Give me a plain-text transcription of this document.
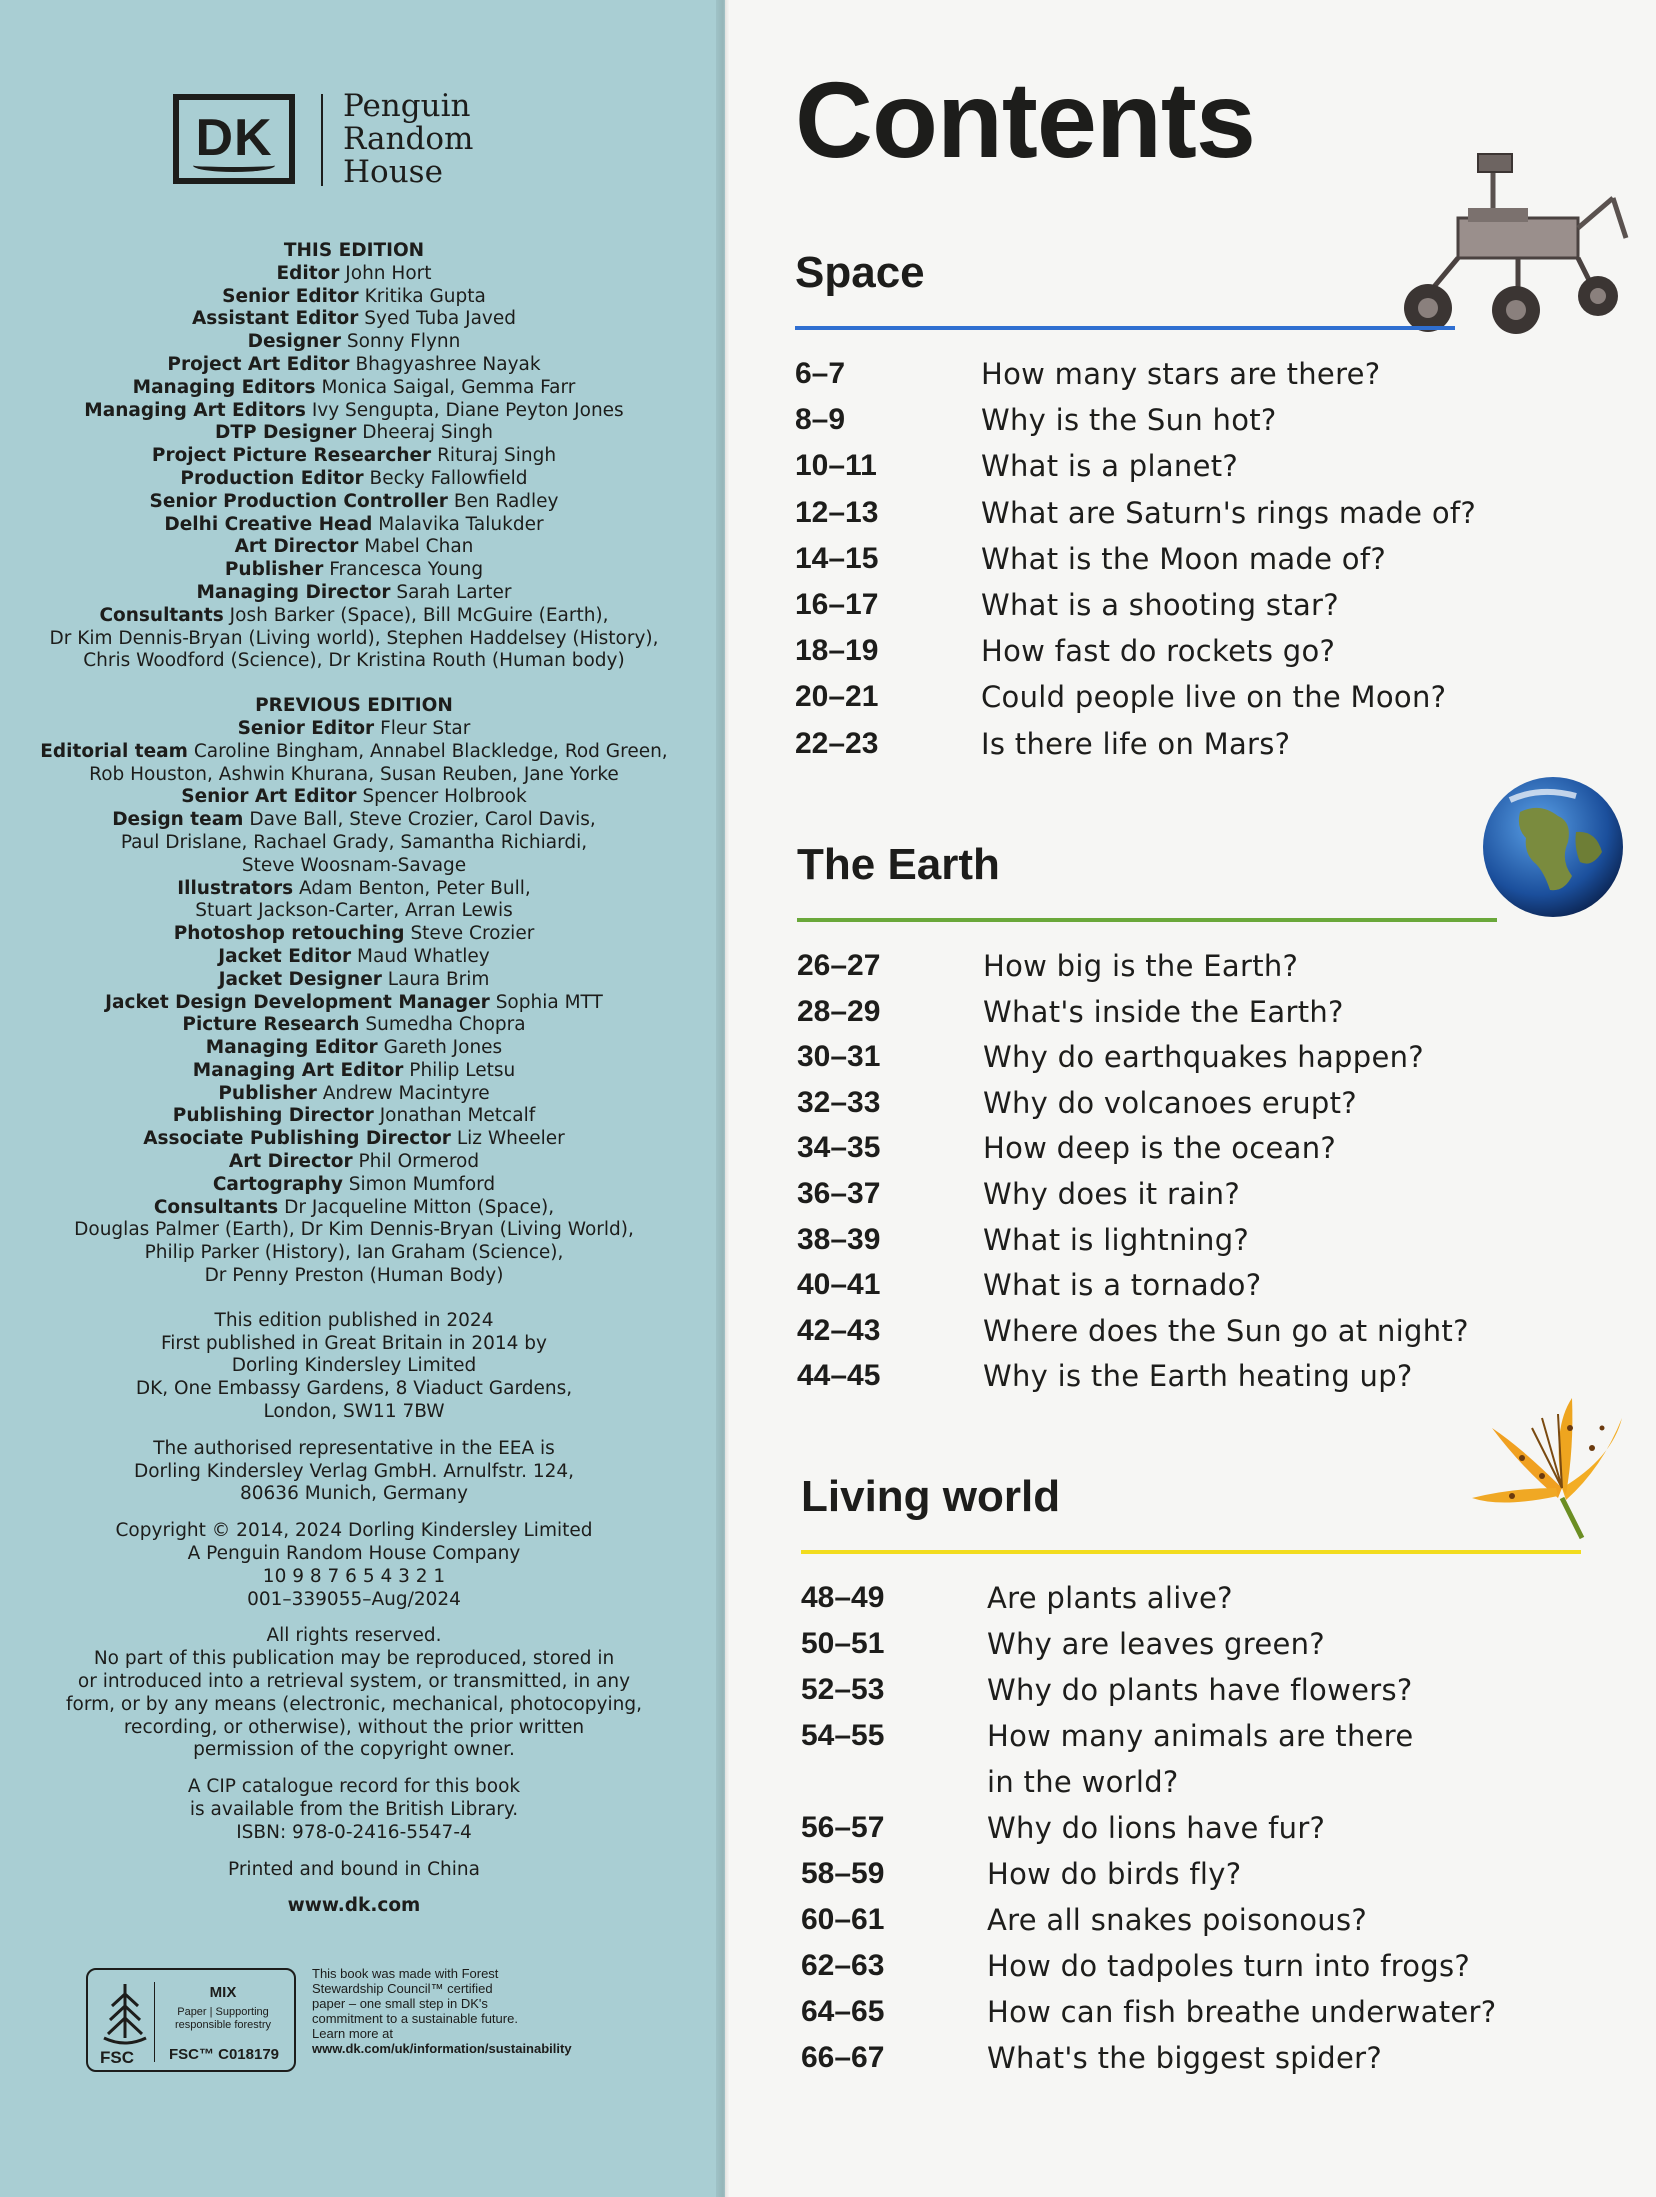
DK
Penguin
Random
House
THIS EDITION
Editor John Hort
Senior Editor Kritika Gupta
Assistant Editor Syed Tuba Javed
Designer Sonny Flynn
Project Art Editor Bhagyashree Nayak
Managing Editors Monica Saigal, Gemma Farr
Managing Art Editors Ivy Sengupta, Diane Peyton Jones
DTP Designer Dheeraj Singh
Project Picture Researcher Rituraj Singh
Production Editor Becky Fallowfield
Senior Production Controller Ben Radley
Delhi Creative Head Malavika Talukder
Art Director Mabel Chan
Publisher Francesca Young
Managing Director Sarah Larter
Consultants Josh Barker (Space), Bill McGuire (Earth),
Dr Kim Dennis-Bryan (Living world), Stephen Haddelsey (History),
Chris Woodford (Science), Dr Kristina Routh (Human body)
PREVIOUS EDITION
Senior Editor Fleur Star
Editorial team Caroline Bingham, Annabel Blackledge, Rod Green,
Rob Houston, Ashwin Khurana, Susan Reuben, Jane Yorke
Senior Art Editor Spencer Holbrook
Design team Dave Ball, Steve Crozier, Carol Davis,
Paul Drislane, Rachael Grady, Samantha Richiardi,
Steve Woosnam-Savage
Illustrators Adam Benton, Peter Bull,
Stuart Jackson-Carter, Arran Lewis
Photoshop retouching Steve Crozier
Jacket Editor Maud Whatley
Jacket Designer Laura Brim
Jacket Design Development Manager Sophia MTT
Picture Research Sumedha Chopra
Managing Editor Gareth Jones
Managing Art Editor Philip Letsu
Publisher Andrew Macintyre
Publishing Director Jonathan Metcalf
Associate Publishing Director Liz Wheeler
Art Director Phil Ormerod
Cartography Simon Mumford
Consultants Dr Jacqueline Mitton (Space),
Douglas Palmer (Earth), Dr Kim Dennis-Bryan (Living World),
Philip Parker (History), Ian Graham (Science),
Dr Penny Preston (Human Body)
This edition published in 2024
First published in Great Britain in 2014 by
Dorling Kindersley Limited
DK, One Embassy Gardens, 8 Viaduct Gardens,
London, SW11 7BW
The authorised representative in the EEA is
Dorling Kindersley Verlag GmbH. Arnulfstr. 124,
80636 Munich, Germany
Copyright © 2014, 2024 Dorling Kindersley Limited
A Penguin Random House Company
10 9 8 7 6 5 4 3 2 1
001–339055–Aug/2024
All rights reserved.
No part of this publication may be reproduced, stored in
or introduced into a retrieval system, or transmitted, in any
form, or by any means (electronic, mechanical, photocopying,
recording, or otherwise), without the prior written
permission of the copyright owner.
A CIP catalogue record for this book
is available from the British Library.
ISBN: 978-0-2416-5547-4
Printed and bound in China
www.dk.com
FSC
MIX
Paper | Supporting
responsible forestry
FSC™ C018179
This book was made with Forest
Stewardship Council™ certified
paper – one small step in DK's
commitment to a sustainable future.
Learn more at
www.dk.com/uk/information/sustainability
Contents
Space
6–7	How many stars are there?
8–9	Why is the Sun hot?
10–11	What is a planet?
12–13	What are Saturn's rings made of?
14–15	What is the Moon made of?
16–17	What is a shooting star?
18–19	How fast do rockets go?
20–21	Could people live on the Moon?
22–23	Is there life on Mars?
The Earth
26–27	How big is the Earth?
28–29	What's inside the Earth?
30–31	Why do earthquakes happen?
32–33	Why do volcanoes erupt?
34–35	How deep is the ocean?
36–37	Why does it rain?
38–39	What is lightning?
40–41	What is a tornado?
42–43	Where does the Sun go at night?
44–45	Why is the Earth heating up?
Living world
48–49	Are plants alive?
50–51	Why are leaves green?
52–53	Why do plants have flowers?
54–55	How many animals are there
in the world?
56–57	Why do lions have fur?
58–59	How do birds fly?
60–61	Are all snakes poisonous?
62–63	How do tadpoles turn into frogs?
64–65	How can fish breathe underwater?
66–67	What's the biggest spider?
